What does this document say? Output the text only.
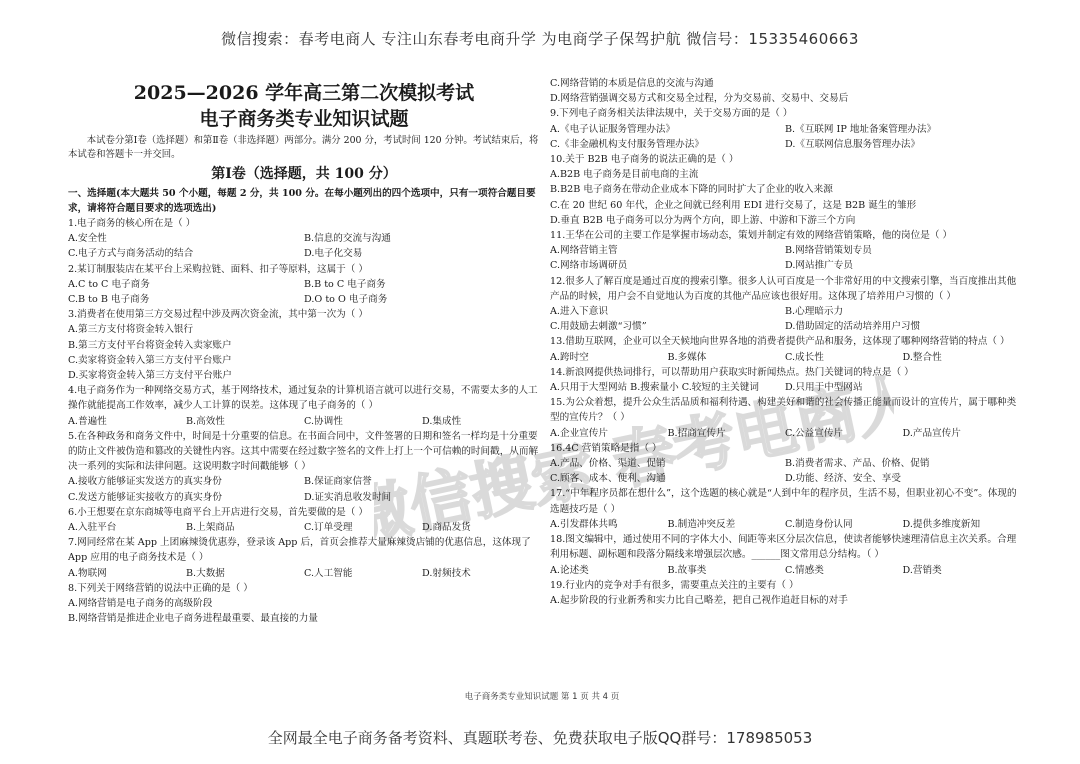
微信搜索：春考电商人 专注山东春考电商升学 为电商学子保驾护航 微信号：15335460663
2025—2026 学年高三第二次模拟考试
电子商务类专业知识试题
本试卷分第Ⅰ卷（选择题）和第Ⅱ卷（非选择题）两部分。满分 200 分，考试时间 120 分钟。考试结束后，将本试卷和答题卡一并交回。
第Ⅰ卷（选择题，共 100 分）
一、选择题(本大题共 50 个小题，每题 2 分，共 100 分。在每小题列出的四个选项中，只有一项符合题目要求，请将符合题目要求的选项选出)
1.电子商务的核心所在是（ ）
A.安全性	B.信息的交流与沟通
C.电子方式与商务活动的结合	D.电子化交易
2.某订制服装店在某平台上采购拉链、面料、扣子等原料，这属于（ ）
A.C to C 电子商务	B.B to C 电子商务
C.B to B 电子商务	D.O to O 电子商务
3.消费者在使用第三方交易过程中涉及两次资金流，其中第一次为（ ）
A.第三方支付将资金转入银行
B.第三方支付平台将资金转入卖家账户
C.卖家将资金转入第三方支付平台账户
D.买家将资金转入第三方支付平台账户
4.电子商务作为一种网络交易方式，基于网络技术，通过复杂的计算机语言就可以进行交易，不需要太多的人工操作就能提高工作效率，减少人工计算的误差。这体现了电子商务的（ ）
A.普遍性	B.高效性	C.协调性	D.集成性
5.在各种政务和商务文件中，时间是十分重要的信息。在书面合同中，文件签署的日期和签名一样均是十分重要的防止文件被伪造和篡改的关键性内容。这其中需要在经过数字签名的文件上打上一个可信赖的时间戳，从而解决一系列的实际和法律问题。这说明数字时间戳能够（ ）
A.接收方能够证实发送方的真实身份	B.保证商家信誉
C.发送方能够证实接收方的真实身份	D.证实消息收发时间
6.小王想要在京东商城等电商平台上开店进行交易，首先要做的是（ ）
A.入驻平台	B.上架商品	C.订单受理	D.商品发货
7.网同经常在某 App 上团麻辣烫优惠券，登录该 App 后，首页会推荐大量麻辣烫店铺的优惠信息，这体现了 App 应用的电子商务技术是（ ）
A.物联网	B.大数据	C.人工智能	D.射频技术
8.下列关于网络营销的说法中正确的是（ ）
A.网络营销是电子商务的高级阶段
B.网络营销是推进企业电子商务进程最重要、最直接的力量
C.网络营销的本质是信息的交流与沟通
D.网络营销强调交易方式和交易全过程，分为交易前、交易中、交易后
9.下列电子商务相关法律法规中，关于交易方面的是（ ）
A.《电子认证服务管理办法》	B.《互联网 IP 地址备案管理办法》
C.《非金融机构支付服务管理办法》	D.《互联网信息服务管理办法》
10.关于 B2B 电子商务的说法正确的是（ ）
A.B2B 电子商务是目前电商的主流
B.B2B 电子商务在带动企业成本下降的同时扩大了企业的收入来源
C.在 20 世纪 60 年代，企业之间就已经利用 EDI 进行交易了，这是 B2B 诞生的雏形
D.垂直 B2B 电子商务可以分为两个方向，即上游、中游和下游三个方向
11.王华在公司的主要工作是掌握市场动态，策划并制定有效的网络营销策略，他的岗位是（ ）
A.网络营销主管	B.网络营销策划专员
C.网络市场调研员	D.网站推广专员
12.很多人了解百度是通过百度的搜索引擎。很多人认可百度是一个非常好用的中文搜索引擎，当百度推出其他产品的时候，用户会不自觉地认为百度的其他产品应该也很好用。这体现了培养用户习惯的（ ）
A.进入下意识	B.心理暗示力
C.用鼓励去刺激“习惯”	D.借助固定的活动培养用户习惯
13.借助互联网，企业可以全天候地向世界各地的消费者提供产品和服务，这体现了哪种网络营销的特点（ ）
A.跨时空	B.多媒体	C.成长性	D.整合性
14.新浪网提供热词排行，可以帮助用户获取实时新闻热点。热门关键词的特点是（ ）
A.只用于大型网站 B.搜索量小 C.较短的主关键词	D.只用于中型网站
15.为公众着想，提升公众生活品质和福利待遇、构建美好和谐的社会传播正能量而设计的宣传片，属于哪种类型的宣传片？（ ）
A.企业宣传片	B.招商宣传片	C.公益宣传片	D.产品宣传片
16.4C 营销策略是指（ ）
A.产品、价格、渠道、促销	B.消费者需求、产品、价格、促销
C.顾客、成本、便利、沟通	D.功能、经济、安全、享受
17.“中年程序员都在想什么”，这个选题的核心就是“人到中年的程序员，生活不易，但职业初心不变”。体现的选题技巧是（ ）
A.引发群体共鸣	B.制造冲突反差	C.制造身份认同	D.提供多维度新知
18.图文编辑中，通过使用不同的字体大小、间距等来区分层次信息，使读者能够快速理清信息主次关系。合理利用标题、副标题和段落分隔线来增强层次感。______图文常用总分结构。（ ）
A.论述类	B.故事类	C.情感类	D.营销类
19.行业内的竞争对手有很多，需要重点关注的主要有（ ）
A.起步阶段的行业新秀和实力比自己略差，把自己视作追赶目标的对手
电子商务类专业知识试题 第 1 页 共 4 页
微信搜索 春考电商人
全网最全电子商务备考资料、真题联考卷、免费获取电子版QQ群号：178985053
